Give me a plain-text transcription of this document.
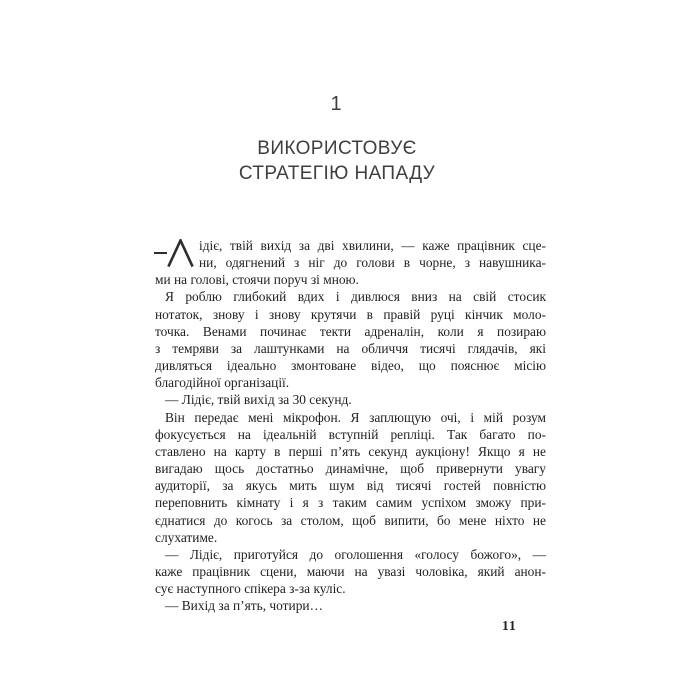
1
ВИКОРИСТОВУЄ
СТРАТЕГІЮ НАПАДУ
ідіє, твій вихід за дві хвилини, — каже працівник сце-
ни, одягнений з ніг до голови в чорне, з навушника-
ми на голові, стоячи поруч зі мною.
Я роблю глибокий вдих і дивлюся вниз на свій стосик
нотаток, знову і знову крутячи в правій руці кінчик моло-
точка. Венами починає текти адреналін, коли я позираю
з темряви за лаштунками на обличчя тисячі глядачів, які
дивляться ідеально змонтоване відео, що пояснює місію
благодійної організації.
— Лідіє, твій вихід за 30 секунд.
Він передає мені мікрофон. Я заплющую очі, і мій розум
фокусується на ідеальній вступній репліці. Так багато по-
ставлено на карту в перші п’ять секунд аукціону! Якщо я не
вигадаю щось достатньо динамічне, щоб привернути увагу
аудиторії, за якусь мить шум від тисячі гостей повністю
переповнить кімнату і я з таким самим успіхом зможу при-
єднатися до когось за столом, щоб випити, бо мене ніхто не
слухатиме.
— Лідіє, приготуйся до оголошення «голосу божого», —
каже працівник сцени, маючи на увазі чоловіка, який анон-
сує наступного спікера з-за куліс.
— Вихід за п’ять, чотири…
11
